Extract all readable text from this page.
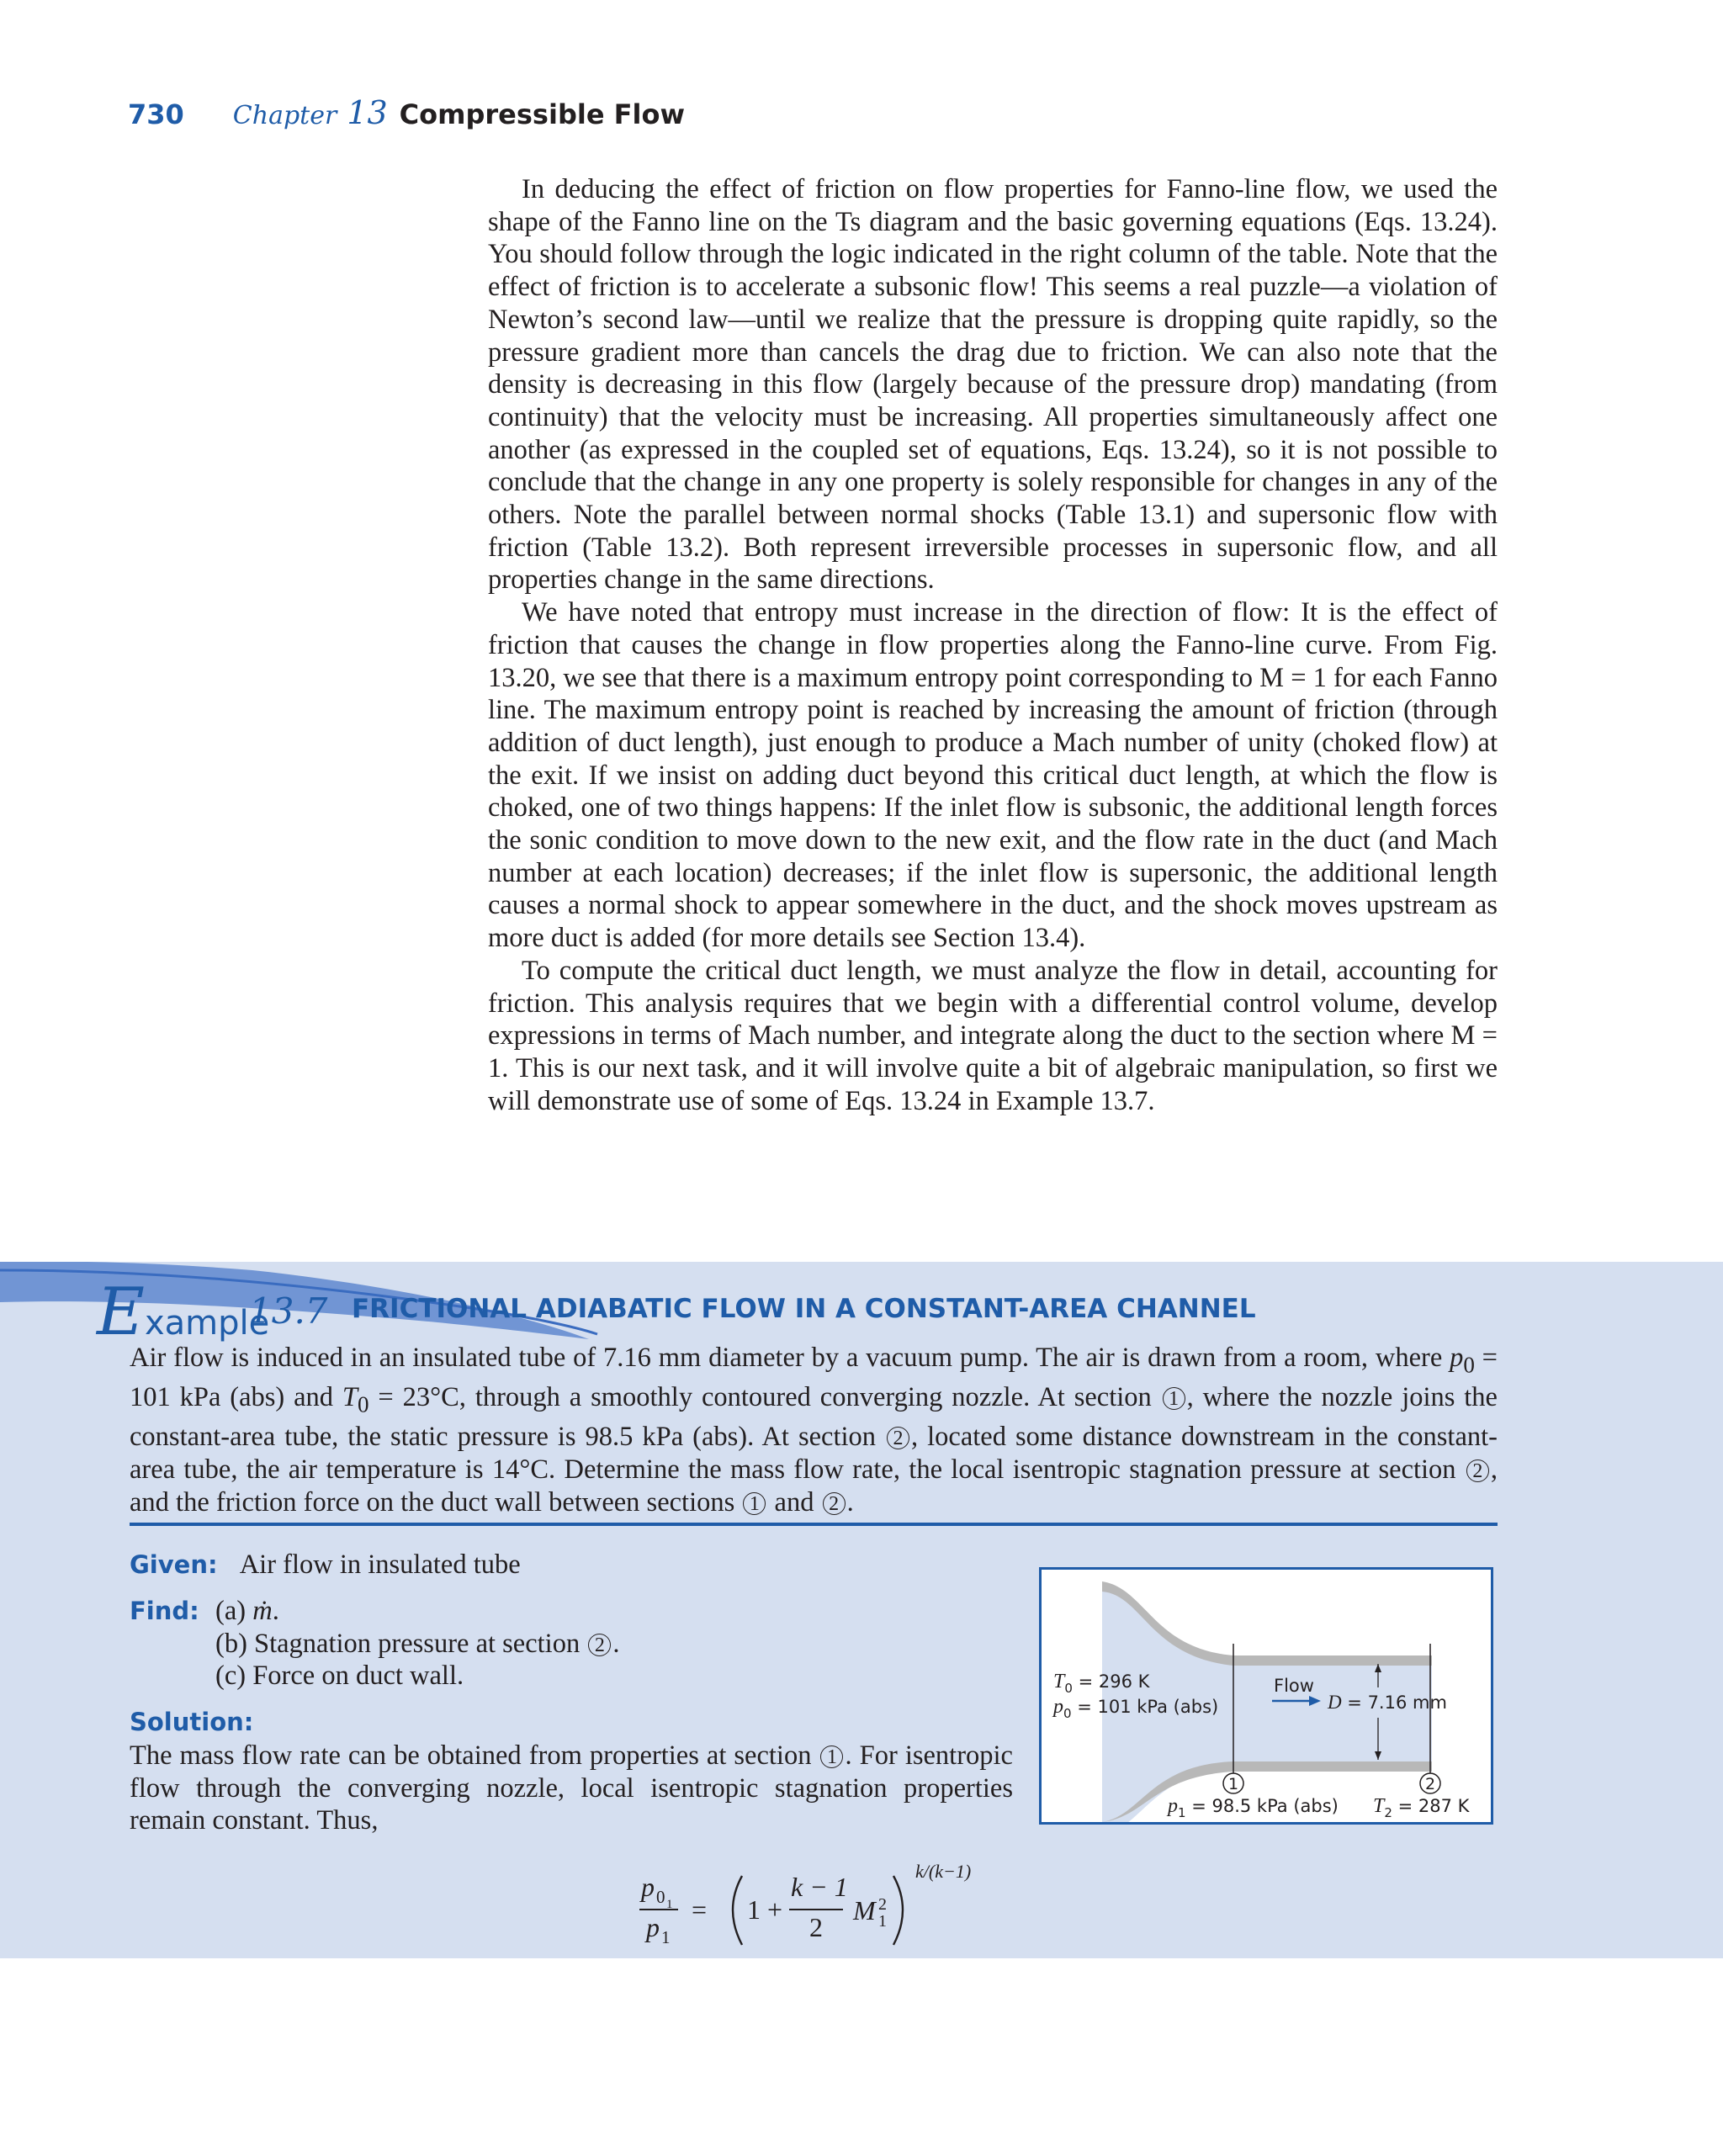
730 Chapter 13 Compressible Flow

In deducing the effect of friction on flow properties for Fanno-line flow, we used the shape of the Fanno line on the Ts diagram and the basic governing equations (Eqs. 13.24). You should follow through the logic indicated in the right column of the table. Note that the effect of friction is to accelerate a subsonic flow! This seems a real puzzle—a violation of Newton’s second law—until we realize that the pressure is dropping quite rapidly, so the pressure gradient more than cancels the drag due to friction. We can also note that the density is decreasing in this flow (largely because of the pressure drop) mandating (from continuity) that the velocity must be increasing. All properties simultaneously affect one another (as expressed in the coupled set of equations, Eqs. 13.24), so it is not possible to conclude that the change in any one property is solely responsible for changes in any of the others. Note the parallel between normal shocks (Table 13.1) and supersonic flow with friction (Table 13.2). Both represent irreversible processes in supersonic flow, and all properties change in the same directions.

We have noted that entropy must increase in the direction of flow: It is the effect of friction that causes the change in flow properties along the Fanno-line curve. From Fig. 13.20, we see that there is a maximum entropy point corresponding to M = 1 for each Fanno line. The maximum entropy point is reached by increasing the amount of friction (through addition of duct length), just enough to produce a Mach number of unity (choked flow) at the exit. If we insist on adding duct beyond this critical duct length, at which the flow is choked, one of two things happens: If the inlet flow is subsonic, the additional length forces the sonic condition to move down to the new exit, and the flow rate in the duct (and Mach number at each location) decreases; if the inlet flow is supersonic, the additional length causes a normal shock to appear somewhere in the duct, and the shock moves upstream as more duct is added (for more details see Section 13.4).

To compute the critical duct length, we must analyze the flow in detail, accounting for friction. This analysis requires that we begin with a differential control volume, develop expressions in terms of Mach number, and integrate along the duct to the section where M = 1. This is our next task, and it will involve quite a bit of algebraic manipulation, so first we will demonstrate use of some of Eqs. 13.24 in Example 13.7.

Example
13.7 FRICTIONAL ADIABATIC FLOW IN A CONSTANT-AREA CHANNEL

Air flow is induced in an insulated tube of 7.16 mm diameter by a vacuum pump. The air is drawn from a room, where $p_0 = 101$ kPa (abs) and $T_0 = 23^\circ C$, through a smoothly contoured converging nozzle. At section 1 , where the nozzle joins the constant-area tube, the static pressure is 98.5 kPa (abs). At section 2 , located some distance downstream in the constant-area tube, the air temperature is 14°C. Determine the mass flow rate, the local isentropic stagnation pressure at section 2 , and the friction force on the duct wall between sections 1 and 2 .

Given: Air flow in insulated tube
Find: (a) ṁ.
(b) Stagnation pressure at section 2 .
(c) Force on duct wall.
Solution:

The mass flow rate can be obtained from properties at section 1 . For isentropic flow through the converging nozzle, local isentropic stagnation properties remain constant. Thus,

p 0 1
p 1
= 1 +
k − 1
2
M 2
1
k/(k−1)
1	2
$T_0 = 296$ K
$p_0 = 101$ kPa (abs)
Flow
D = 7.16 mm
$p_1 = 98.5$ kPa (abs) $T_2 = 287$ K
